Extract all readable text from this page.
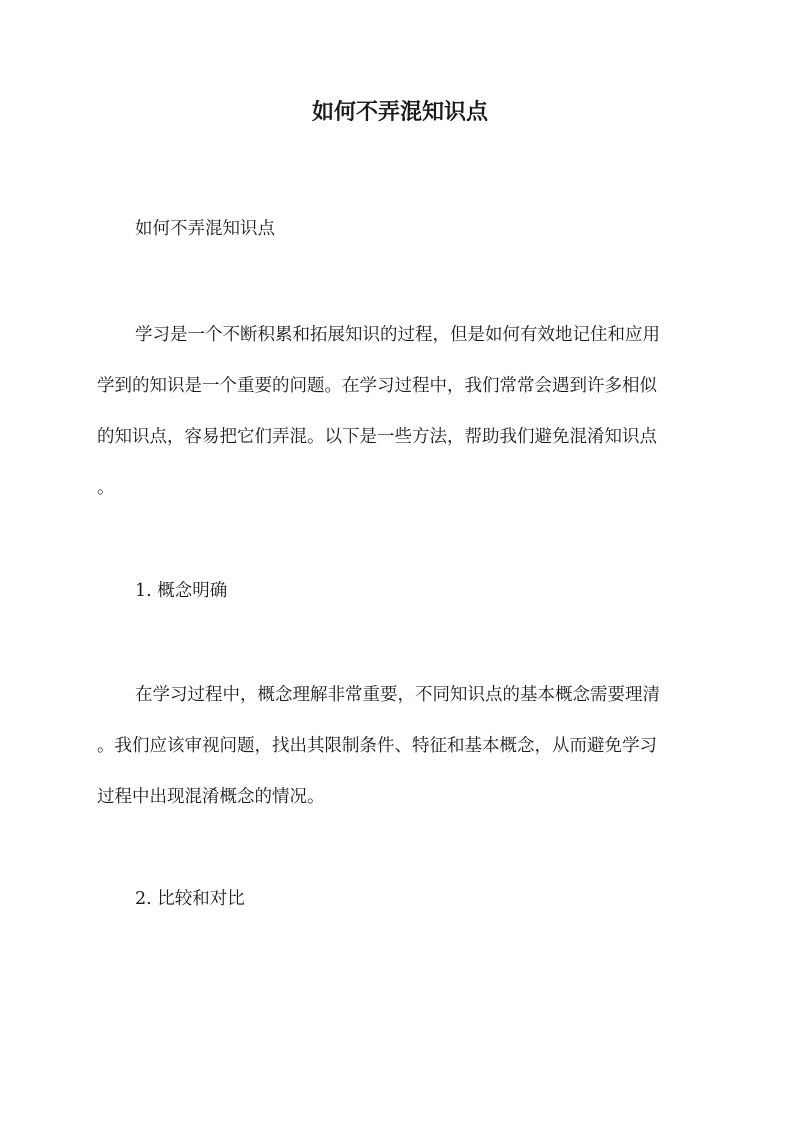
如何不弄混知识点

如何不弄混知识点

学习是一个不断积累和拓展知识的过程，但是如何有效地记住和应用

学到的知识是一个重要的问题。在学习过程中，我们常常会遇到许多相似

的知识点，容易把它们弄混。以下是一些方法，帮助我们避免混淆知识点

。

1. 概念明确

在学习过程中，概念理解非常重要，不同知识点的基本概念需要理清

。我们应该审视问题，找出其限制条件、特征和基本概念，从而避免学习

过程中出现混淆概念的情况。

2. 比较和对比
